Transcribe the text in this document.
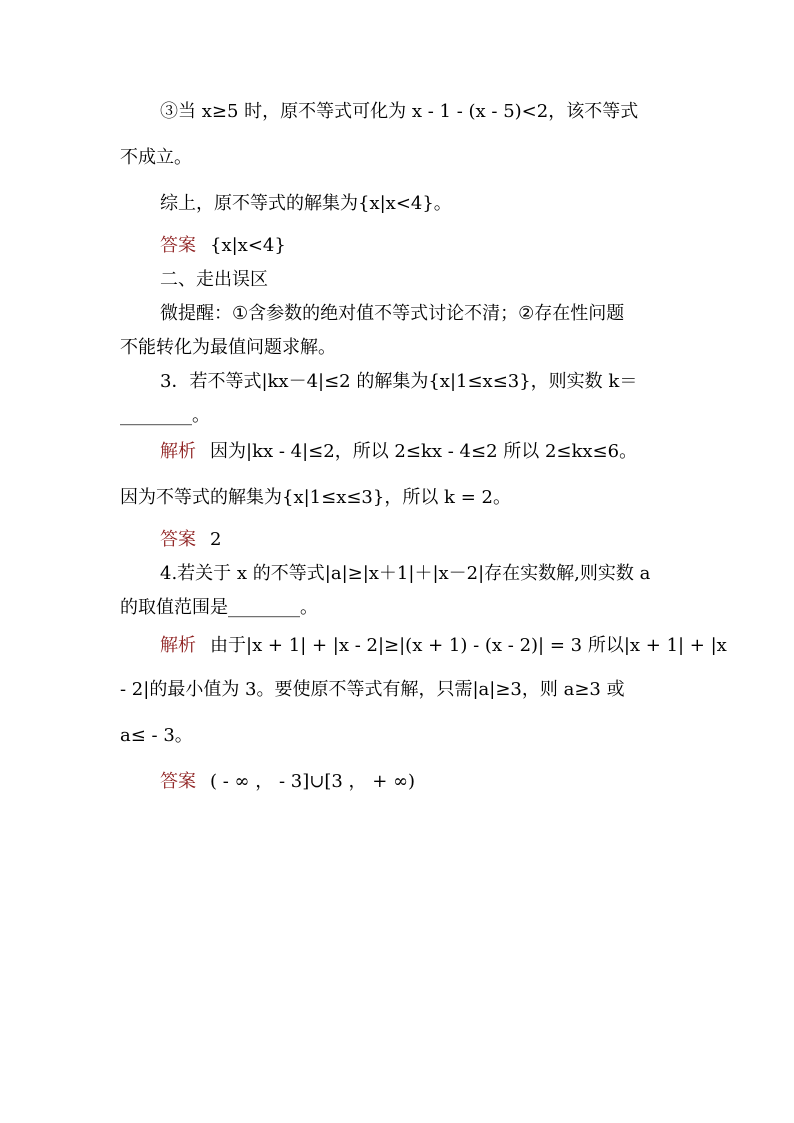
③当 x≥5 时，原不等式可化为 x - 1 - (x - 5)<2，该不等式
不成立。
综上，原不等式的解集为{x|x<4}。
答案 {x|x<4}
二、走出误区
微提醒：①含参数的绝对值不等式讨论不清；②存在性问题
不能转化为最值问题求解。
3．若不等式|kx－4|≤2 的解集为{x|1≤x≤3}，则实数 k＝
________。
解析 因为|kx - 4|≤2，所以 2≤kx - 4≤2 所以 2≤kx≤6。
因为不等式的解集为{x|1≤x≤3}，所以 k = 2。
答案 2
4.若关于 x 的不等式|a|≥|x＋1|＋|x－2|存在实数解,则实数 a
的取值范围是________。
解析 由于|x + 1| + |x - 2|≥|(x + 1) - (x - 2)| = 3 所以|x + 1| + |x
- 2|的最小值为 3。要使原不等式有解，只需|a|≥3，则 a≥3 或
a≤ - 3。
答案 ( - ∞ ， - 3]∪[3 ， + ∞)
